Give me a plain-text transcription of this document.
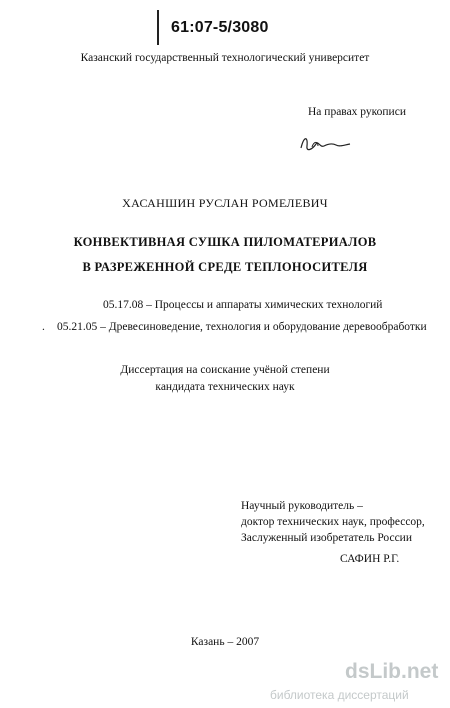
61:07-5/3080
Казанский государственный технологический университет
На правах рукописи
ХАСАНШИН РУСЛАН РОМЕЛЕВИЧ
КОНВЕКТИВНАЯ СУШКА ПИЛОМАТЕРИАЛОВ
В РАЗРЕЖЕННОЙ СРЕДЕ ТЕПЛОНОСИТЕЛЯ
05.17.08 – Процессы и аппараты химических технологий
. 05.21.05 – Древесиноведение, технология и оборудование деревообработки
Диссертация на соискание учёной степени
кандидата технических наук
Научный руководитель –
доктор технических наук, профессор,
Заслуженный изобретатель России
САФИН Р.Г.
Казань – 2007
dsLib.net
библиотека диссертаций
